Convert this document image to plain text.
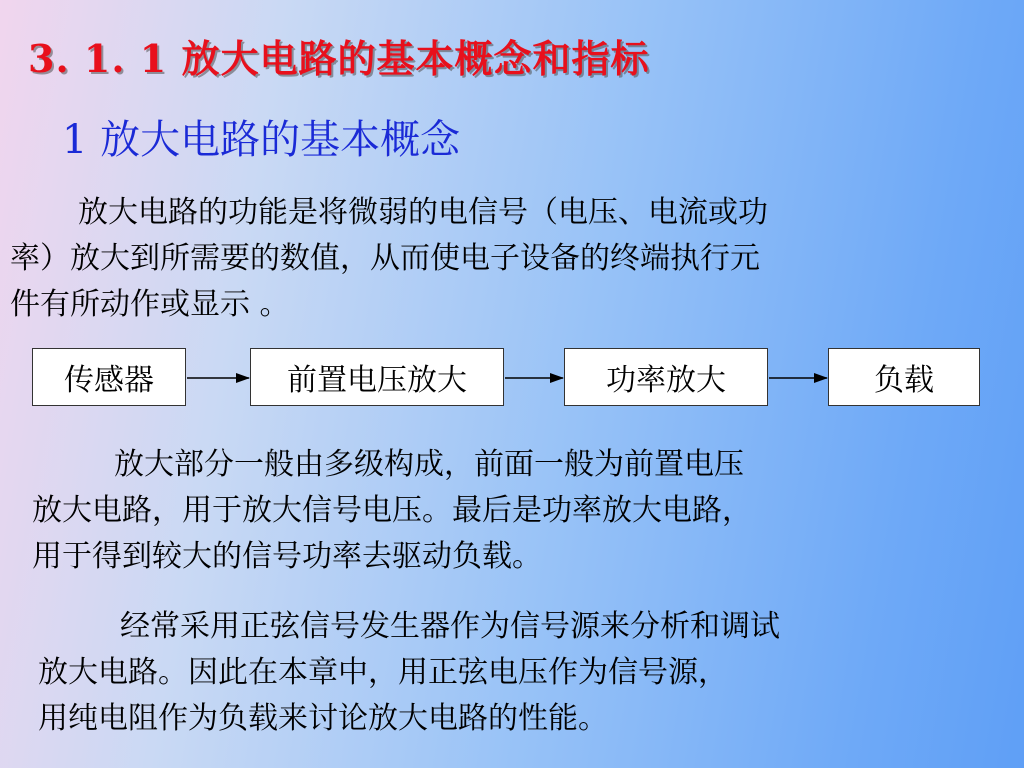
3. 1. 1 放大电路的基本概念和指标
1 放大电路的基本概念
放大电路的功能是将微弱的电信号（电压、电流或功
率）放大到所需要的数值，从而使电子设备的终端执行元
件有所动作或显示 。
传感器	前置电压放大	功率放大	负载
放大部分一般由多级构成，前面一般为前置电压
放大电路，用于放大信号电压。最后是功率放大电路，
用于得到较大的信号功率去驱动负载。
经常采用正弦信号发生器作为信号源来分析和调试
放大电路。因此在本章中，用正弦电压作为信号源，
用纯电阻作为负载来讨论放大电路的性能。
